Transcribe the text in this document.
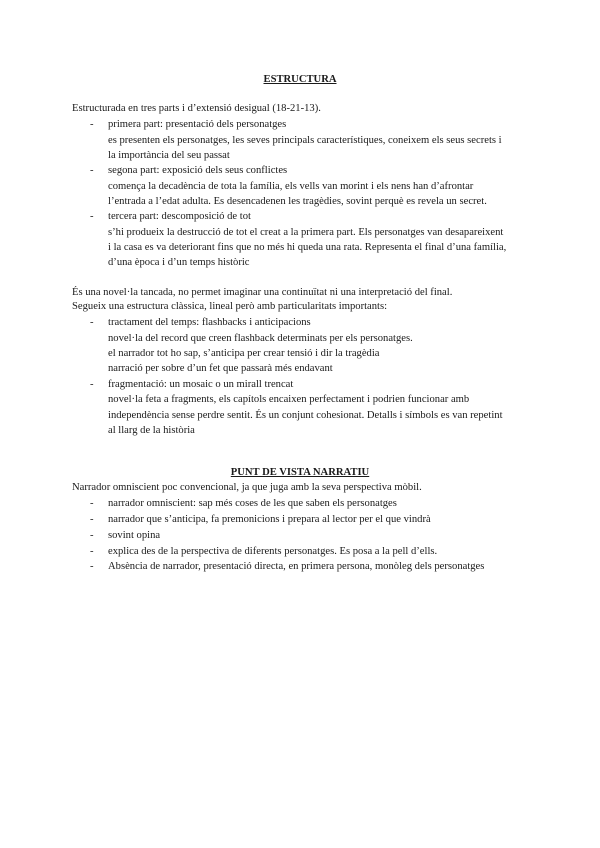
ESTRUCTURA
Estructurada en tres parts i d’extensió desigual (18-21-13).
- primera part: presentació dels personatges
es presenten els personatges, les seves principals característiques, coneixem els seus secrets i
la importància del seu passat
- segona part: exposició dels seus conflictes
comença la decadència de tota la família, els vells van morint i els nens han d’afrontar
l’entrada a l’edat adulta. Es desencadenen les tragèdies, sovint perquè es revela un secret.
- tercera part: descomposició de tot
s’hi produeix la destrucció de tot el creat a la primera part. Els personatges van desapareixent
i la casa es va deteriorant fins que no més hi queda una rata. Representa el final d’una família,
d’una època i d’un temps històric
És una novel·la tancada, no permet imaginar una continuïtat ni una interpretació del final.
Segueix una estructura clàssica, lineal però amb particularitats importants:
- tractament del temps: flashbacks i anticipacions
novel·la del record que creen flashback determinats per els personatges.
el narrador tot ho sap, s’anticipa per crear tensió i dir la tragèdia
narració per sobre d’un fet que passarà més endavant
- fragmentació: un mosaic o un mirall trencat
novel·la feta a fragments, els capítols encaixen perfectament i podrien funcionar amb
independència sense perdre sentit. És un conjunt cohesionat. Detalls i símbols es van repetint
al llarg de la història
PUNT DE VISTA NARRATIU
Narrador omniscient poc convencional, ja que juga amb la seva perspectiva mòbil.
- narrador omniscient: sap més coses de les que saben els personatges
- narrador que s’anticipa, fa premonicions i prepara al lector per el que vindrà
- sovint opina
- explica des de la perspectiva de diferents personatges. Es posa a la pell d’ells.
- Absència de narrador, presentació directa, en primera persona, monòleg dels personatges
